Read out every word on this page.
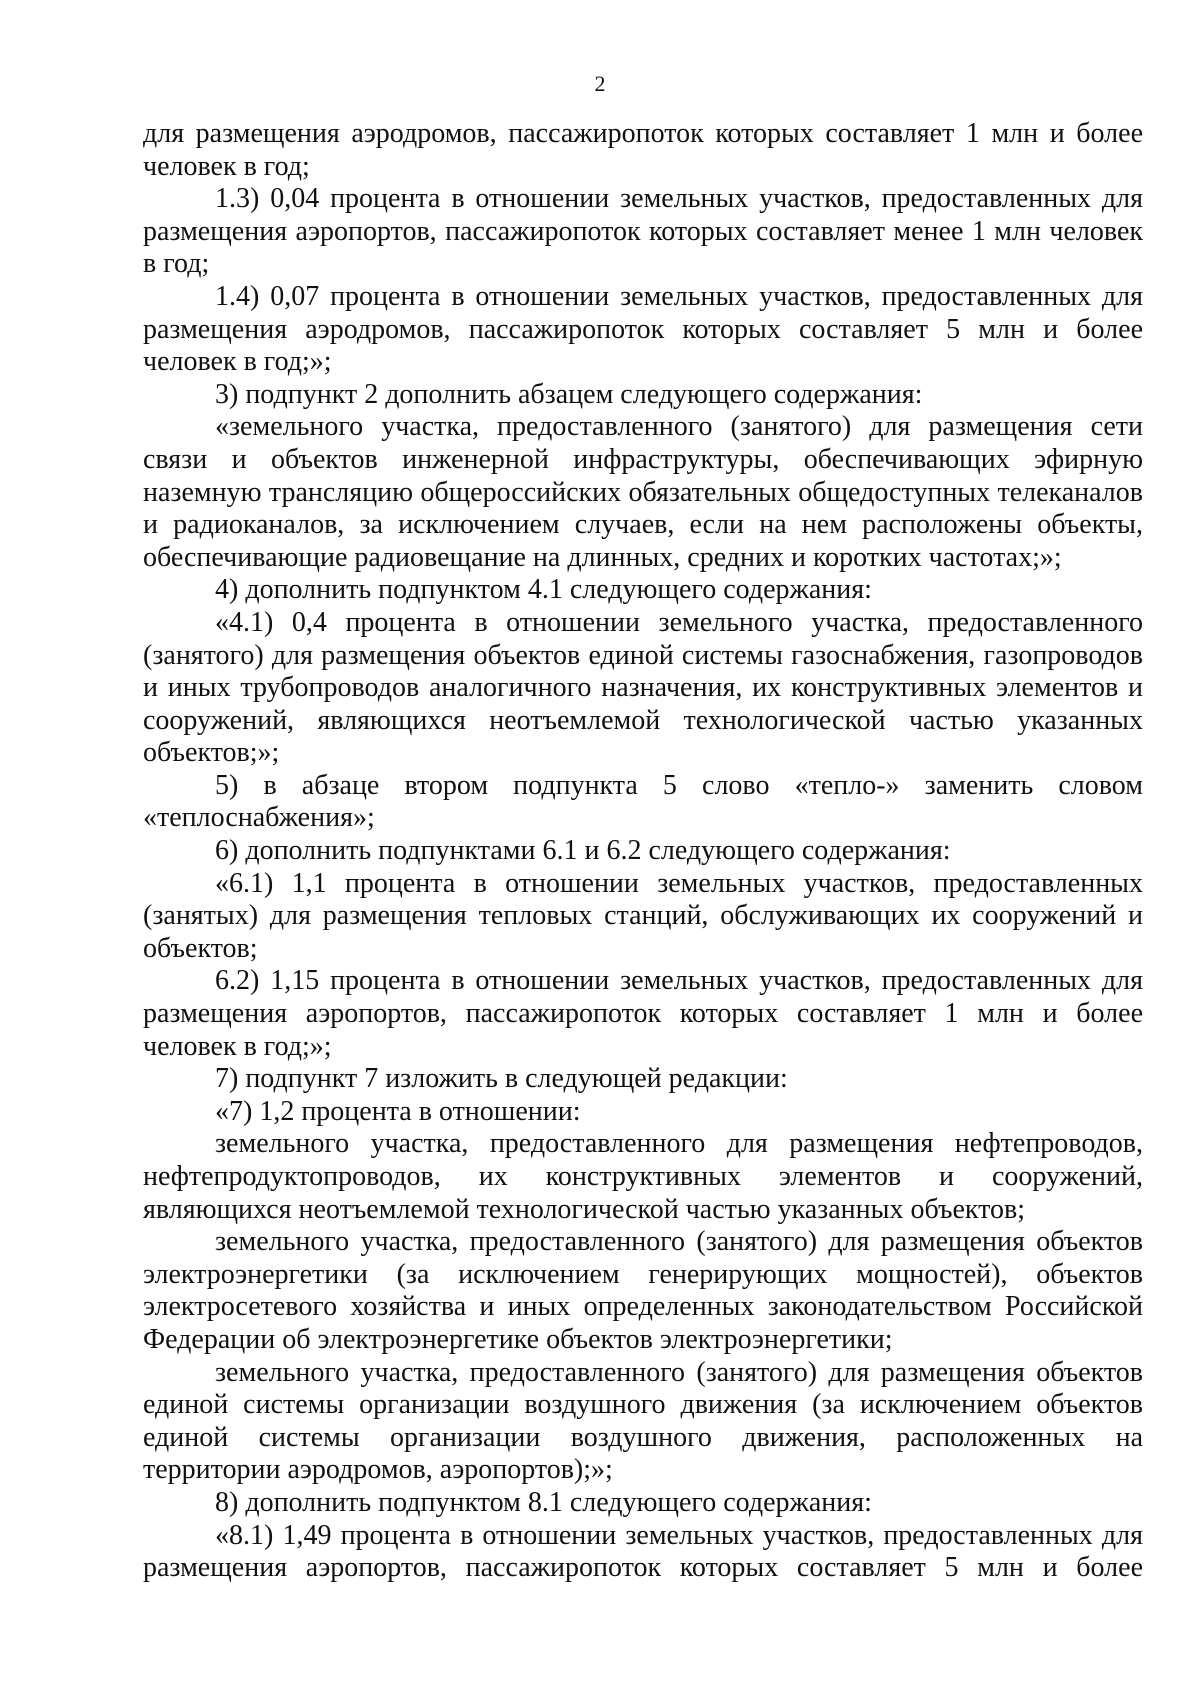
2

для размещения аэродромов, пассажиропоток которых составляет 1 млн и более человек в год;

1.3) 0,04 процента в отношении земельных участков, предоставленных для размещения аэропортов, пассажиропоток которых составляет менее 1 млн человек в год;

1.4) 0,07 процента в отношении земельных участков, предоставленных для размещения аэродромов, пассажиропоток которых составляет 5 млн и более человек в год;»;

3) подпункт 2 дополнить абзацем следующего содержания:

«земельного участка, предоставленного (занятого) для размещения сети связи и объектов инженерной инфраструктуры, обеспечивающих эфирную наземную трансляцию общероссийских обязательных общедоступных телеканалов и радиоканалов, за исключением случаев, если на нем расположены объекты, обеспечивающие радиовещание на длинных, средних и коротких частотах;»;

4) дополнить подпунктом 4.1 следующего содержания:

«4.1) 0,4 процента в отношении земельного участка, предоставленного (занятого) для размещения объектов единой системы газоснабжения, газопроводов и иных трубопроводов аналогичного назначения, их конструктивных элементов и сооружений, являющихся неотъемлемой технологической частью указанных объектов;»;

5) в абзаце втором подпункта 5 слово «тепло-» заменить словом «теплоснабжения»;

6) дополнить подпунктами 6.1 и 6.2 следующего содержания:

«6.1) 1,1 процента в отношении земельных участков, предоставленных (занятых) для размещения тепловых станций, обслуживающих их сооружений и объектов;

6.2) 1,15 процента в отношении земельных участков, предоставленных для размещения аэропортов, пассажиропоток которых составляет 1 млн и более человек в год;»;

7) подпункт 7 изложить в следующей редакции:

«7) 1,2 процента в отношении:

земельного участка, предоставленного для размещения нефтепроводов, нефтепродуктопроводов, их конструктивных элементов и сооружений, являющихся неотъемлемой технологической частью указанных объектов;

земельного участка, предоставленного (занятого) для размещения объектов электроэнергетики (за исключением генерирующих мощностей), объектов электросетевого хозяйства и иных определенных законодательством Российской Федерации об электроэнергетике объектов электроэнергетики;

земельного участка, предоставленного (занятого) для размещения объектов единой системы организации воздушного движения (за исключением объектов единой системы организации воздушного движения, расположенных на территории аэродромов, аэропортов);»;

8) дополнить подпунктом 8.1 следующего содержания:

«8.1) 1,49 процента в отношении земельных участков, предоставленных для размещения аэропортов, пассажиропоток которых составляет 5 млн и более
